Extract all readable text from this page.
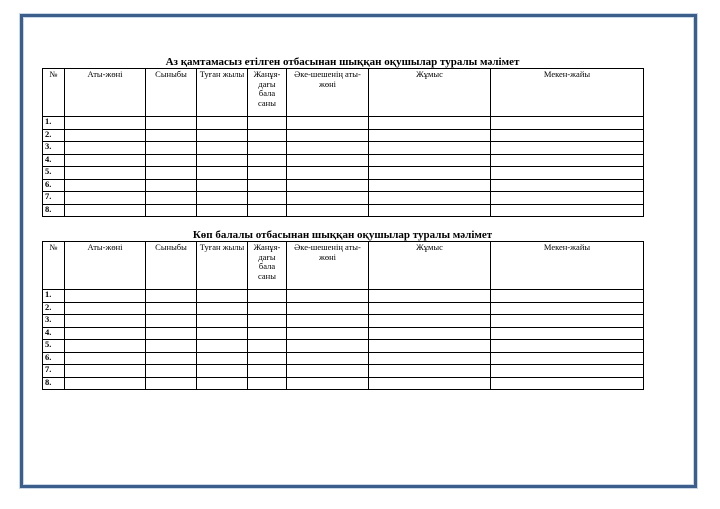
Аз қамтамасыз етілген отбасынан шыққан оқушылар туралы мәлімет
№	Аты-жөні	Сыныбы	Туған жылы	Жанұя-дағы бала саны	Әке-шешенің аты-жөні	Жұмыс	Мекен-жайы
1.							
2.							
3.							
4.							
5.							
6.							
7.							
8.							
Көп балалы отбасынан шыққан оқушылар туралы мәлімет
№	Аты-жөні	Сыныбы	Туған жылы	Жанұя-дағы бала саны	Әке-шешенің аты-жөні	Жұмыс	Мекен-жайы
1.							
2.							
3.							
4.							
5.							
6.							
7.							
8.							
